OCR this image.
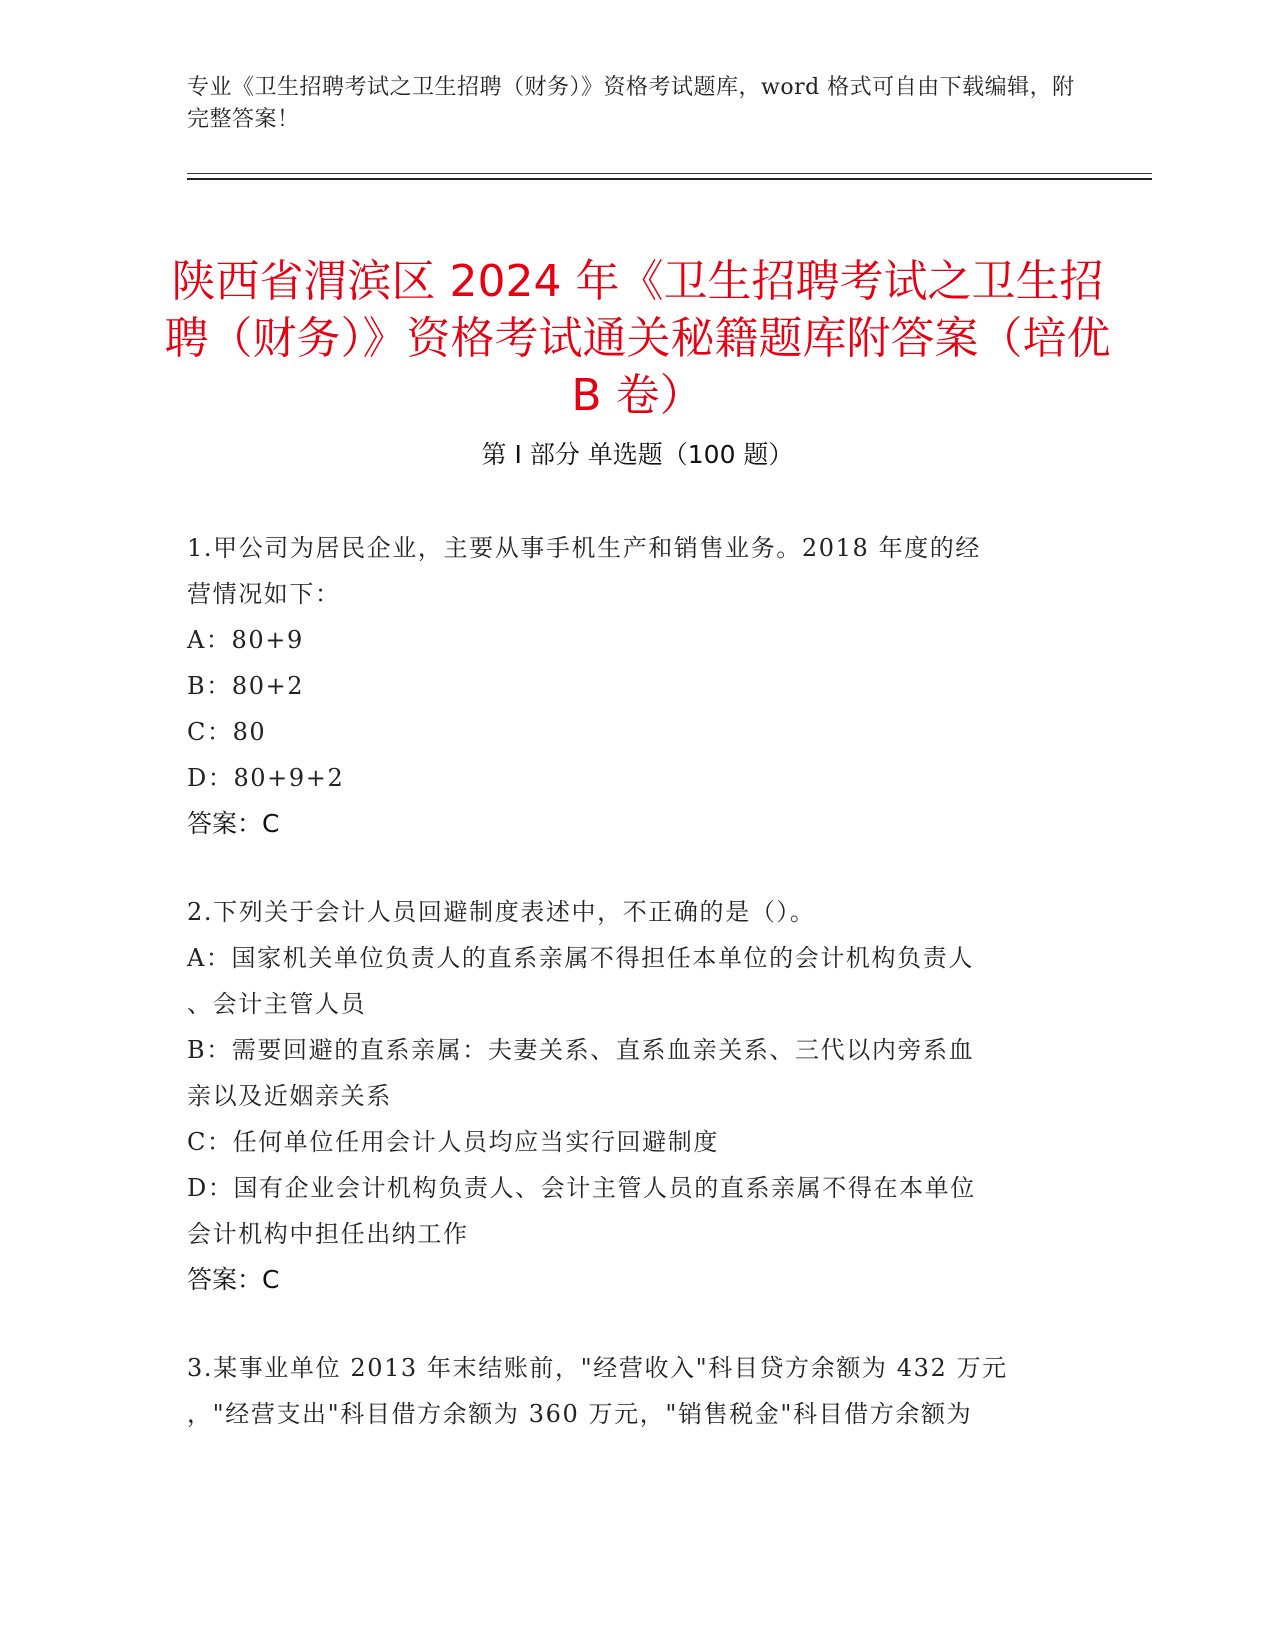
专业《卫生招聘考试之卫生招聘（财务）》资格考试题库，word 格式可自由下载编辑，附完整答案！
陕西省渭滨区 2024 年《卫生招聘考试之卫生招聘（财务）》资格考试通关秘籍题库附答案（培优 B 卷）
第 I 部分 单选题（100 题）

1.甲公司为居民企业，主要从事手机生产和销售业务。2018 年度的经

营情况如下：

A：80+9

B：80+2

C：80

D：80+9+2

答案：C

2.下列关于会计人员回避制度表述中，不正确的是（）。

A：国家机关单位负责人的直系亲属不得担任本单位的会计机构负责人

、会计主管人员

B：需要回避的直系亲属：夫妻关系、直系血亲关系、三代以内旁系血

亲以及近姻亲关系

C：任何单位任用会计人员均应当实行回避制度

D：国有企业会计机构负责人、会计主管人员的直系亲属不得在本单位

会计机构中担任出纳工作

答案：C

3.某事业单位 2013 年末结账前，"经营收入"科目贷方余额为 432 万元

，"经营支出"科目借方余额为 360 万元，"销售税金"科目借方余额为
